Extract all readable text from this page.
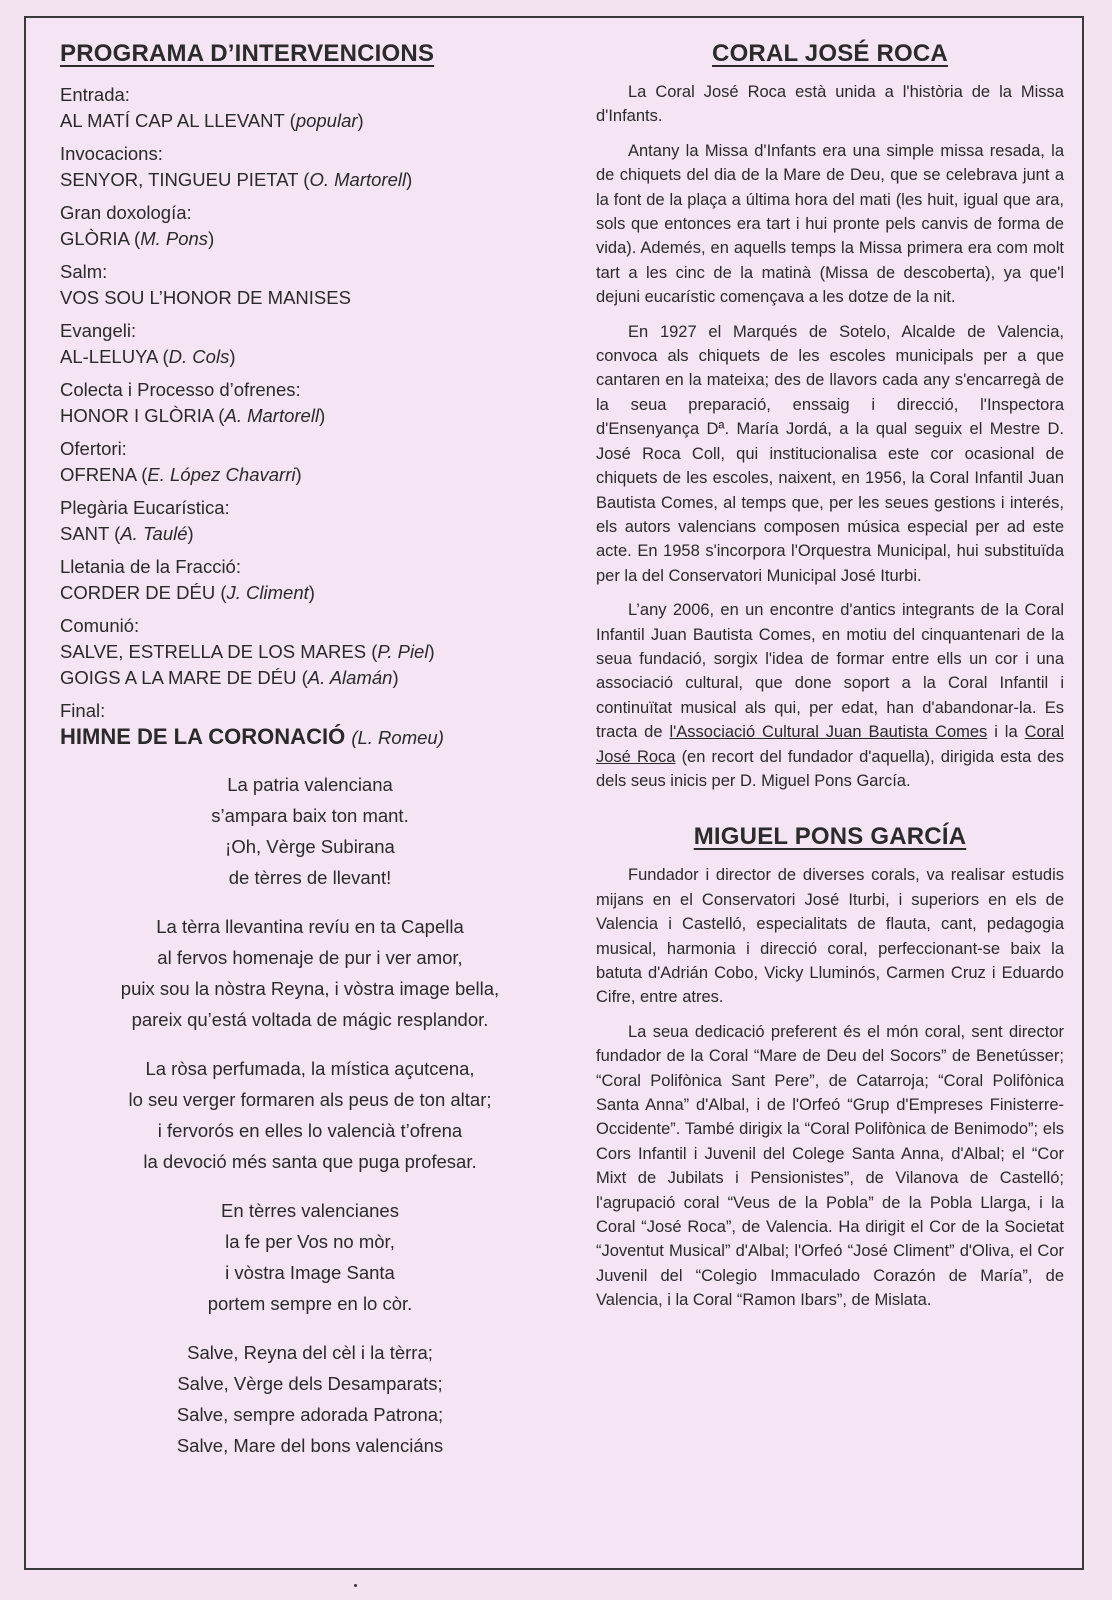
PROGRAMA D’INTERVENCIONS
Entrada:
AL MATÍ CAP AL LLEVANT (popular)
Invocacions:
SENYOR, TINGUEU PIETAT (O. Martorell)
Gran doxología:
GLÒRIA (M. Pons)
Salm:
VOS SOU L’HONOR DE MANISES
Evangeli:
AL-LELUYA (D. Cols)
Colecta i Processo d’ofrenes:
HONOR I GLÒRIA (A. Martorell)
Ofertori:
OFRENA (E. López Chavarri)
Plegària Eucarística:
SANT (A. Taulé)
Lletania de la Fracció:
CORDER DE DÉU (J. Climent)
Comunió:
SALVE, ESTRELLA DE LOS MARES (P. Piel)
GOIGS A LA MARE DE DÉU (A. Alamán)
Final:
HIMNE DE LA CORONACIÓ (L. Romeu)
La patria valenciana
s’ampara baix ton mant.
¡Oh, Vèrge Subirana
de tèrres de llevant!
La tèrra llevantina revíu en ta Capella
al fervos homenaje de pur i ver amor,
puix sou la nòstra Reyna, i vòstra image bella,
pareix qu’está voltada de mágic resplandor.
La ròsa perfumada, la mística açutcena,
lo seu verger formaren als peus de ton altar;
i fervorós en elles lo valencià t’ofrena
la devoció més santa que puga profesar.
En tèrres valencianes
la fe per Vos no mòr,
i vòstra Image Santa
portem sempre en lo còr.
Salve, Reyna del cèl i la tèrra;
Salve, Vèrge dels Desamparats;
Salve, sempre adorada Patrona;
Salve, Mare del bons valenciáns
CORAL JOSÉ ROCA

La Coral José Roca està unida a l'història de la Missa d'Infants.

Antany la Missa d'Infants era una simple missa resada, la de chiquets del dia de la Mare de Deu, que se celebrava junt a la font de la plaça a última hora del mati (les huit, igual que ara, sols que entonces era tart i hui pronte pels canvis de forma de vida). Ademés, en aquells temps la Missa primera era com molt tart a les cinc de la matinà (Missa de descoberta), ya que'l dejuni eucarístic començava a les dotze de la nit.

En 1927 el Marqués de Sotelo, Alcalde de Valencia, convoca als chiquets de les escoles municipals per a que cantaren en la mateixa; des de llavors cada any s'encarregà de la seua preparació, enssaig i direcció, l'Inspectora d'Ensenyança Dª. María Jordá, a la qual seguix el Mestre D. José Roca Coll, qui institucionalisa este cor ocasional de chiquets de les escoles, naixent, en 1956, la Coral Infantil Juan Bautista Comes, al temps que, per les seues gestions i interés, els autors valencians composen música especial per ad este acte. En 1958 s'incorpora l'Orquestra Municipal, hui substituïda per la del Conservatori Municipal José Iturbi.

L’any 2006, en un encontre d'antics integrants de la Coral Infantil Juan Bautista Comes, en motiu del cinquantenari de la seua fundació, sorgix l'idea de formar entre ells un cor i una associació cultural, que done soport a la Coral Infantil i continuïtat musical als qui, per edat, han d'abandonar-la. Es tracta de l'Associació Cultural Juan Bautista Comes i la Coral José Roca (en recort del fundador d'aquella), dirigida esta des dels seus inicis per D. Miguel Pons García.

MIGUEL PONS GARCÍA

Fundador i director de diverses corals, va realisar estudis mijans en el Conservatori José Iturbi, i superiors en els de Valencia i Castelló, especialitats de flauta, cant, pedagogia musical, harmonia i direcció coral, perfeccionant-se baix la batuta d'Adrián Cobo, Vicky Lluminós, Carmen Cruz i Eduardo Cifre, entre atres.

La seua dedicació preferent és el món coral, sent director fundador de la Coral “Mare de Deu del Socors” de Benetússer; “Coral Polifònica Sant Pere”, de Catarroja; “Coral Polifònica Santa Anna” d'Albal, i de l'Orfeó “Grup d'Empreses Finisterre-Occidente”. També dirigix la “Coral Polifònica de Benimodo”; els Cors Infantil i Juvenil del Colege Santa Anna, d'Albal; el “Cor Mixt de Jubilats i Pensionistes”, de Vilanova de Castelló; l'agrupació coral “Veus de la Pobla” de la Pobla Llarga, i la Coral “José Roca”, de Valencia. Ha dirigit el Cor de la Societat “Joventut Musical” d'Albal; l'Orfeó “José Climent” d'Oliva, el Cor Juvenil del “Colegio Immaculado Corazón de María”, de Valencia, i la Coral “Ramon Ibars”, de Mislata.
